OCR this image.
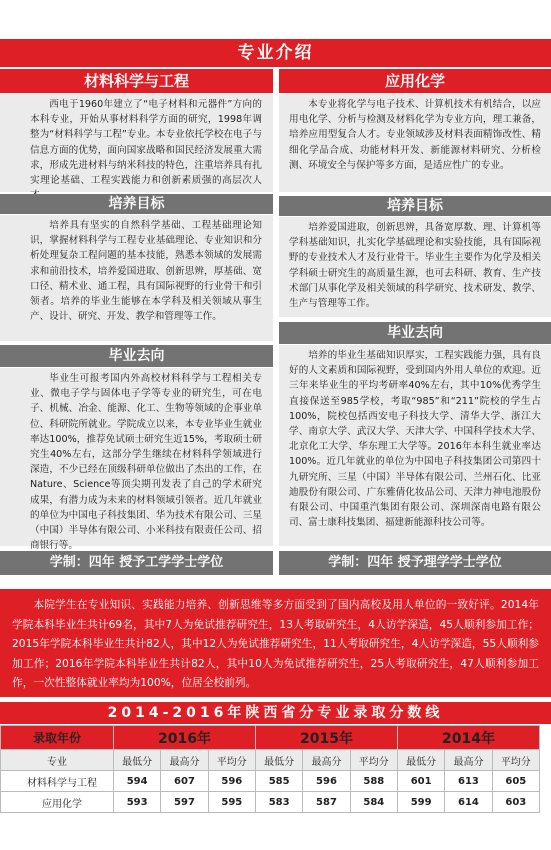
专业介绍
材料科学与工程

西电于1960年建立了“电子材料和元器件”方向的本科专业，开始从事材料科学方面的研究，1998年调整为“材料科学与工程”专业。本专业依托学校在电子与信息方面的优势，面向国家战略和国民经济发展重大需求，形成先进材料与纳米科技的特色，注重培养具有扎实理论基础、工程实践能力和创新素质强的高层次人

培养目标

培养具有坚实的自然科学基础、工程基础理论知识，掌握材料科学与工程专业基础理论、专业知识和分析处理复杂工程问题的基本技能，熟悉本领域的发展需求和前沿技术，培养爱国进取、创新思辨，厚基础、宽口径、精术业、通工程，具有国际视野的行业骨干和引领者。培养的毕业生能够在本学科及相关领域从事生产、设计、研究、开发、教学和管理等工作。

毕业去向

毕业生可报考国内外高校材料科学与工程相关专业、微电子学与固体电子学等专业的研究生，可在电子、机械、冶金、能源、化工、生物等领域的企事业单位、科研院所就业。学院成立以来，本专业毕业生就业率达100%，推荐免试硕士研究生近15%，考取硕士研究生40%左右，这部分学生继续在材料科学领域进行深造，不少已经在顶级科研单位做出了杰出的工作，在Nature、Science等顶尖期刊发表了自己的学术研究成果，有潜力成为未来的材料领域引领者。近几年就业的单位为中国电子科技集团、华为技术有限公司、三星（中国）半导体有限公司、小米科技有限责任公司、招商银行等。

学制：四年 授予工学学士学位
应用化学

本专业将化学与电子技术、计算机技术有机结合，以应用电化学、分析与检测及材料化学为专业方向，理工兼备，培养应用型复合人才。专业领域涉及材料表面精饰改性、精细化学品合成、功能材料开发、新能源材料研究、分析检测、环境安全与保护等多方面，是适应性广的专业。

培养目标

培养爱国进取，创新思辨，具备宽厚数、理、计算机等学科基础知识，扎实化学基础理论和实验技能，具有国际视野的专业技术人才及行业骨干。毕业生主要作为化学及相关学科硕士研究生的高质量生源，也可去科研、教育、生产技术部门从事化学及相关领域的科学研究、技术研发、教学、生产与管理等工作。

毕业去向

培养的毕业生基础知识厚实，工程实践能力强，具有良好的人文素质和国际视野，受到国内外用人单位的欢迎。近三年来毕业生的平均考研率40%左右，其中10%优秀学生直接保送至985学校，考取“985”和“211”院校的学生占100%，院校包括西安电子科技大学、清华大学、浙江大学、南京大学、武汉大学、天津大学、中国科学技术大学、北京化工大学、华东理工大学等。2016年本科生就业率达100%。近几年就业的单位为中国电子科技集团公司第四十九研究所、三星（中国）半导体有限公司、兰州石化、比亚迪股份有限公司、广东雅倩化妆品公司、天津力神电池股份有限公司、中国重汽集团有限公司、深圳深南电路有限公司、富士康科技集团、福建新能源科技公司等。

学制：四年 授予理学学士学位

本院学生在专业知识、实践能力培养、创新思维等多方面受到了国内高校及用人单位的一致好评。2014年学院本科毕业生共计69名，其中7人为免试推荐研究生，13人考取研究生，4人访学深造，45人顺利参加工作；2015年学院本科毕业生共计82人，其中12人为免试推荐研究生，11人考取研究生，4人访学深造，55人顺利参加工作；2016年学院本科毕业生共计82人，其中10人为免试推荐研究生，25人考取研究生，47人顺利参加工作，一次性整体就业率均为100%，位居全校前列。

2014-2016年陕西省分专业录取分数线
录取年份	2016年			2015年			2014年		
专业	最低分	最高分	平均分	最低分	最高分	平均分	最低分	最高分	平均分
材料科学与工程	594	607	596	585	596	588	601	613	605
应用化学	593	597	595	583	587	584	599	614	603
